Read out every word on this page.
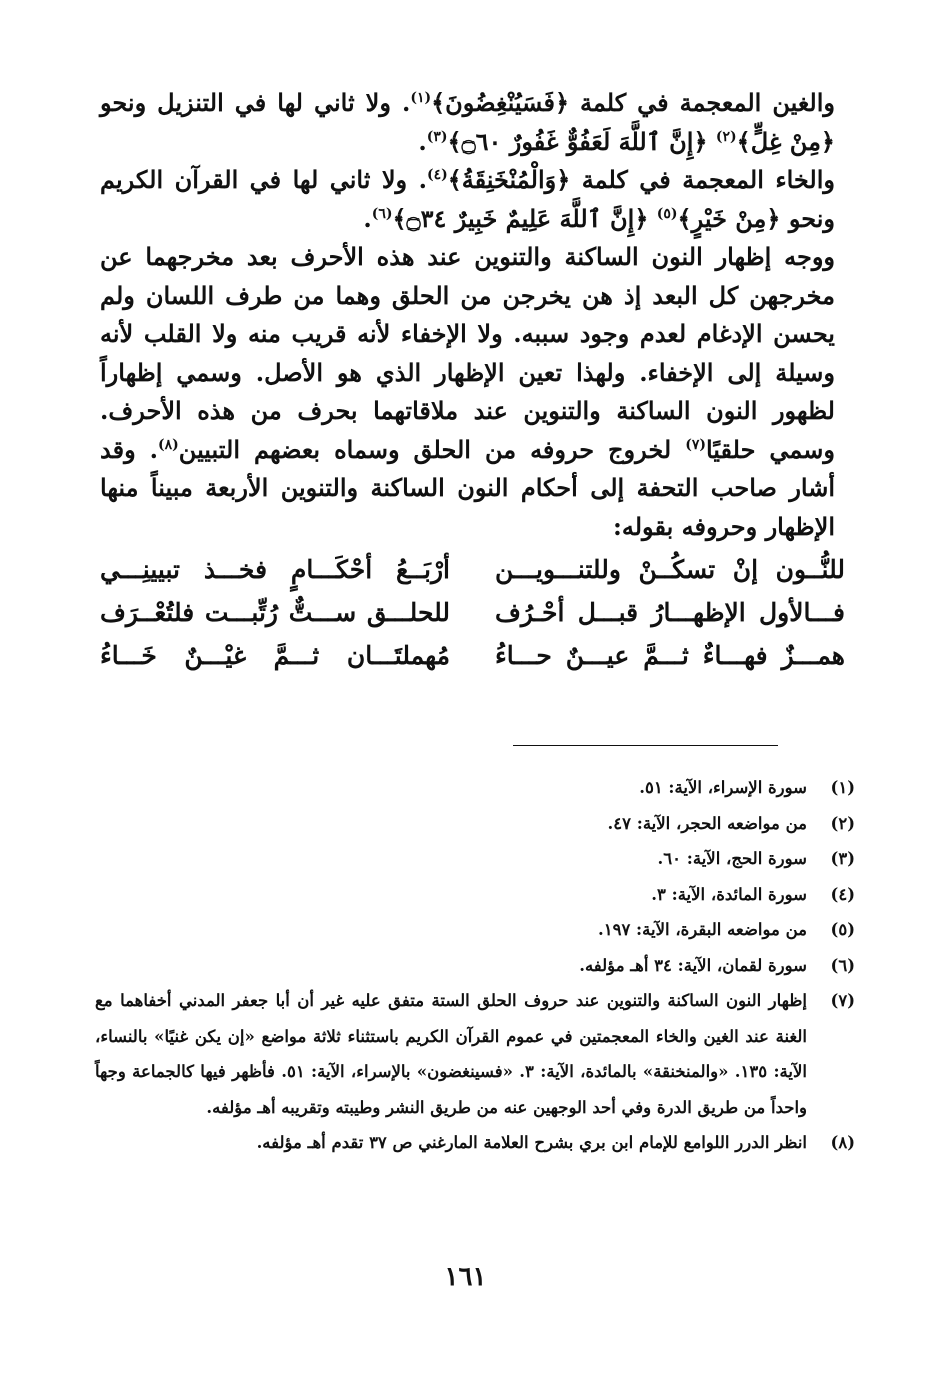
والغين المعجمة في كلمة ﴿فَسَيُنْغِضُونَ﴾$^{(١)}$. ولا ثاني لها في التنزيل ونحو ﴿مِنْ غِلٍّ﴾$^{(٢)}$ ﴿إِنَّ ٱللَّهَ لَعَفُوٌّ غَفُورٌ ۝٦٠﴾$^{(٣)}$.

والخاء المعجمة في كلمة ﴿وَالْمُنْخَنِقَةُ﴾$^{(٤)}$. ولا ثاني لها في القرآن الكريم ونحو ﴿مِنْ خَيْرٍ﴾$^{(٥)}$ ﴿إِنَّ ٱللَّهَ عَلِيمٌ خَبِيرٌ ۝٣٤﴾$^{(٦)}$.

ووجه إظهار النون الساكنة والتنوين عند هذه الأحرف بعد مخرجهما عن مخرجهن كل البعد إذ هن يخرجن من الحلق وهما من طرف اللسان ولم يحسن الإدغام لعدم وجود سببه. ولا الإخفاء لأنه قريب منه ولا القلب لأنه وسيلة إلى الإخفاء. ولهذا تعين الإظهار الذي هو الأصل. وسمي إظهاراً لظهور النون الساكنة والتنوين عند ملاقاتهما بحرف من هذه الأحرف. وسمي حلقيًا$^{(٧)}$ لخروج حروفه من الحلق وسماه بعضهم التبيين$^{(٨)}$. وقد أشار صاحب التحفة إلى أحكام النون الساكنة والتنوين الأربعة مبيناً منها الإظهار وحروفه بقوله:

للنُّــون إنْ تسكُــنْ وللتنـــويـــن
أرْبَــعُ أحْكَـــامٍ فخـــذ تبيينِـــي
فـــالأول الإظهـــارُ قبـــل أحْـرُف
للحلـــق ســـتٌّ رُتِّبـــت فلتُعْــرَف
همـــزٌ فهـــاءٌ ثـــمَّ عيـــنٌ حـــاءُ
مُهملتَـــان ثـــمَّ غيْـــنٌ خَـــاءُ
(١)
سورة الإسراء، الآية: ٥١.
(٢)
من مواضعه الحجر، الآية: ٤٧.
(٣)
سورة الحج، الآية: ٦٠.
(٤)
سورة المائدة، الآية: ٣.
(٥)
من مواضعه البقرة، الآية: ١٩٧.
(٦)
سورة لقمان، الآية: ٣٤ أهـ مؤلفه.
(٧)
إظهار النون الساكنة والتنوين عند حروف الحلق الستة متفق عليه غير أن أبا جعفر المدني أخفاهما مع الغنة عند الغين والخاء المعجمتين في عموم القرآن الكريم باستثناء ثلاثة مواضع «إن يكن غنيًا» بالنساء، الآية: ١٣٥. «والمنخنقة» بالمائدة، الآية: ٣. «فسينغضون» بالإسراء، الآية: ٥١. فأظهر فيها كالجماعة وجهاً واحداً من طريق الدرة وفي أحد الوجهين عنه من طريق النشر وطيبته وتقريبه أهـ مؤلفه.
(٨)
انظر الدرر اللوامع للإمام ابن بري بشرح العلامة المارغني ص ٣٧ تقدم أهـ مؤلفه.
١٦١
